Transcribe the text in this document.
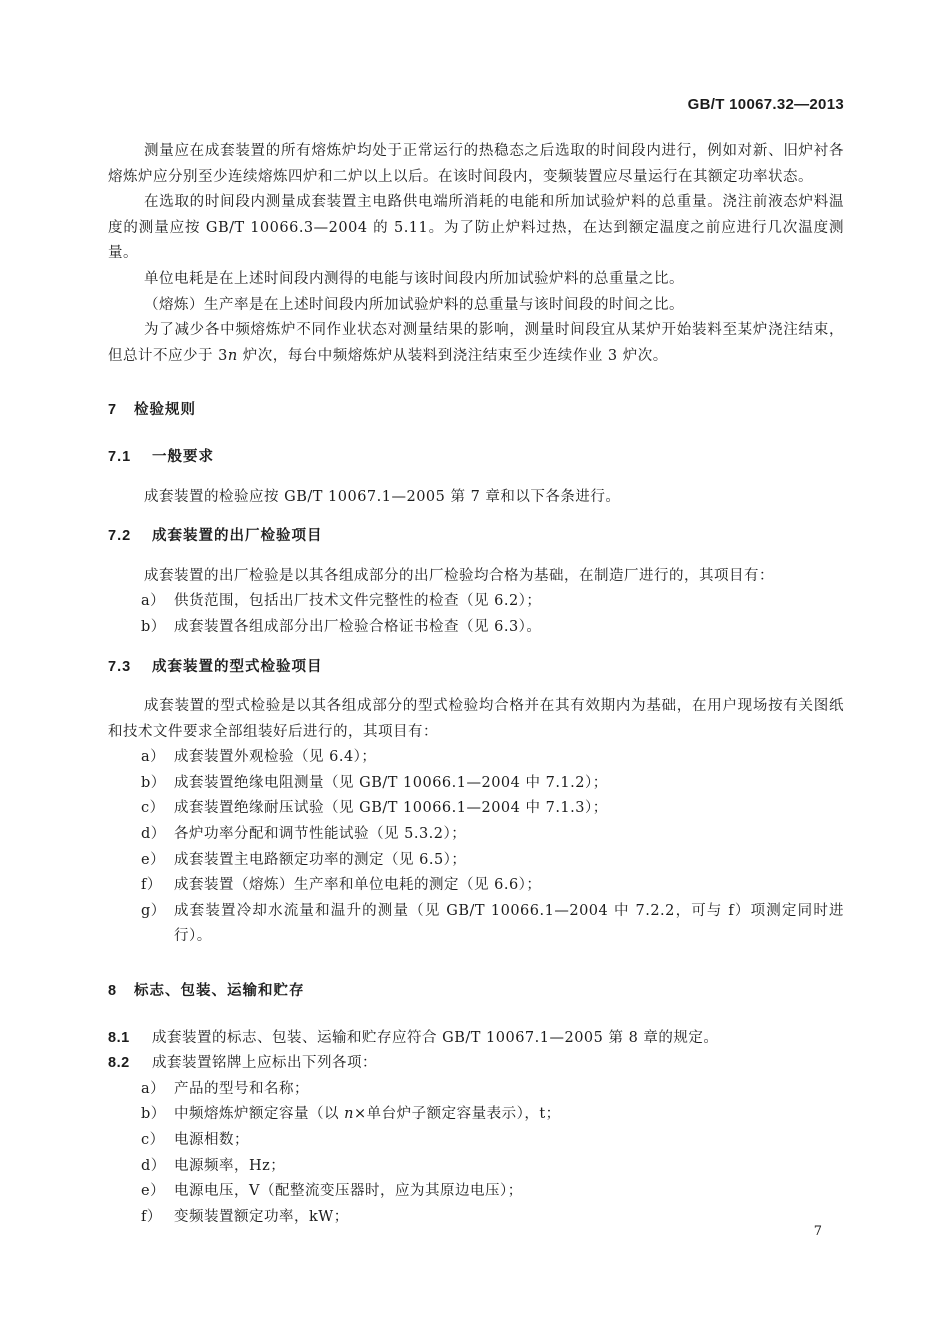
GB/T 10067.32—2013

测量应在成套装置的所有熔炼炉均处于正常运行的热稳态之后选取的时间段内进行，例如对新、旧炉衬各熔炼炉应分别至少连续熔炼四炉和二炉以上以后。在该时间段内，变频装置应尽量运行在其额定功率状态。

在选取的时间段内测量成套装置主电路供电端所消耗的电能和所加试验炉料的总重量。浇注前液态炉料温度的测量应按 GB/T 10066.3—2004 的 5.11。为了防止炉料过热，在达到额定温度之前应进行几次温度测量。

单位电耗是在上述时间段内测得的电能与该时间段内所加试验炉料的总重量之比。

（熔炼）生产率是在上述时间段内所加试验炉料的总重量与该时间段的时间之比。

为了减少各中频熔炼炉不同作业状态对测量结果的影响，测量时间段宜从某炉开始装料至某炉浇注结束，但总计不应少于 3n 炉次，每台中频熔炼炉从装料到浇注结束至少连续作业 3 炉次。

7 检验规则
7.1 一般要求

成套装置的检验应按 GB/T 10067.1—2005 第 7 章和以下各条进行。

7.2 成套装置的出厂检验项目

成套装置的出厂检验是以其各组成部分的出厂检验均合格为基础，在制造厂进行的，其项目有：

a） 供货范围，包括出厂技术文件完整性的检查（见 6.2）；
b） 成套装置各组成部分出厂检验合格证书检查（见 6.3）。
7.3 成套装置的型式检验项目

成套装置的型式检验是以其各组成部分的型式检验均合格并在其有效期内为基础，在用户现场按有关图纸和技术文件要求全部组装好后进行的，其项目有：

a） 成套装置外观检验（见 6.4）；
b） 成套装置绝缘电阻测量（见 GB/T 10066.1—2004 中 7.1.2）；
c） 成套装置绝缘耐压试验（见 GB/T 10066.1—2004 中 7.1.3）；
d） 各炉功率分配和调节性能试验（见 5.3.2）；
e） 成套装置主电路额定功率的测定（见 6.5）；
f） 成套装置（熔炼）生产率和单位电耗的测定（见 6.6）；
g） 成套装置冷却水流量和温升的测量（见 GB/T 10066.1—2004 中 7.2.2，可与 f）项测定同时进行）。
8 标志、包装、运输和贮存
8.1	成套装置的标志、包装、运输和贮存应符合 GB/T 10067.1—2005 第 8 章的规定。
8.2	成套装置铭牌上应标出下列各项：
a） 产品的型号和名称；
b） 中频熔炼炉额定容量（以 n×单台炉子额定容量表示），t；
c） 电源相数；
d） 电源频率，Hz；
e） 电源电压，V（配整流变压器时，应为其原边电压）；
f） 变频装置额定功率，kW；
7
